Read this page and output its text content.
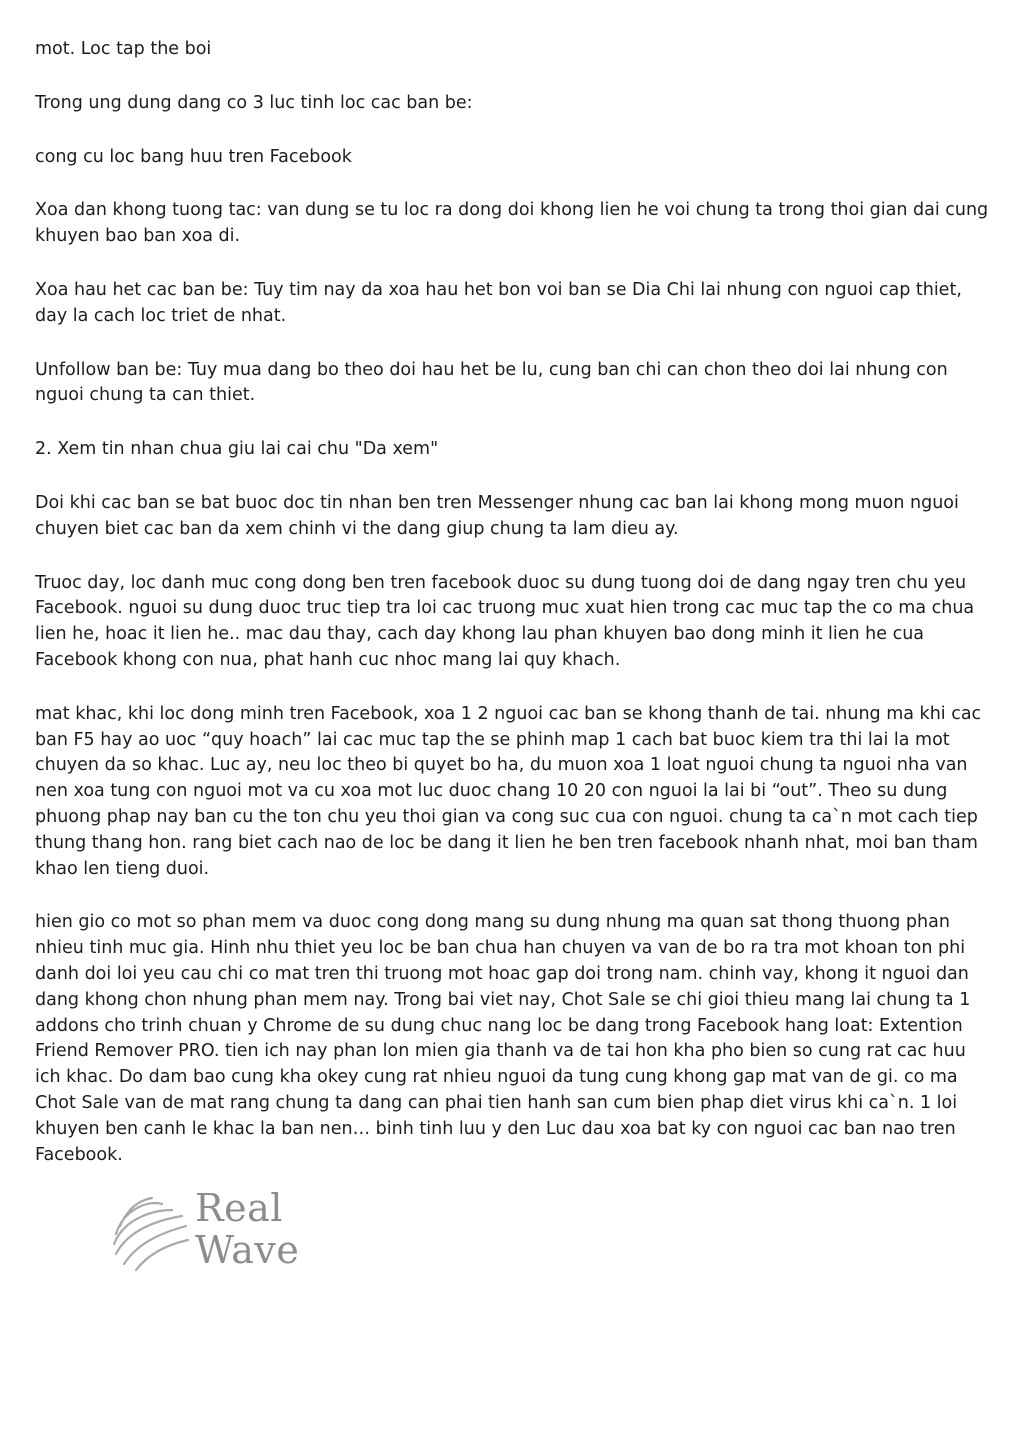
mot. Loc tap the boi

Trong ung dung dang co 3 luc tinh loc cac ban be:

cong cu loc bang huu tren Facebook

Xoa dan khong tuong tac: van dung se tu loc ra dong doi khong lien he voi chung ta trong thoi gian dai cung khuyen bao ban xoa di.

Xoa hau het cac ban be: Tuy tim nay da xoa hau het bon voi ban se Dia Chi lai nhung con nguoi cap thiet, day la cach loc triet de nhat.

Unfollow ban be: Tuy mua dang bo theo doi hau het be lu, cung ban chi can chon theo doi lai nhung con nguoi chung ta can thiet.

2. Xem tin nhan chua giu lai cai chu "Da xem"

Doi khi cac ban se bat buoc doc tin nhan ben tren Messenger nhung cac ban lai khong mong muon nguoi chuyen biet cac ban da xem chinh vi the dang giup chung ta lam dieu ay.

Truoc day, loc danh muc cong dong ben tren facebook duoc su dung tuong doi de dang ngay tren chu yeu Facebook. nguoi su dung duoc truc tiep tra loi cac truong muc xuat hien trong cac muc tap the co ma chua lien he, hoac it lien he.. mac dau thay, cach day khong lau phan khuyen bao dong minh it lien he cua Facebook khong con nua, phat hanh cuc nhoc mang lai quy khach.

mat khac, khi loc dong minh tren Facebook, xoa 1 2 nguoi cac ban se khong thanh de tai. nhung ma khi cac ban F5 hay ao uoc “quy hoach” lai cac muc tap the se phinh map 1 cach bat buoc kiem tra thi lai la mot chuyen da so khac. Luc ay, neu loc theo bi quyet bo ha, du muon xoa 1 loat nguoi chung ta nguoi nha van nen xoa tung con nguoi mot va cu xoa mot luc duoc chang 10 20 con nguoi la lai bi “out”. Theo su dung phuong phap nay ban cu the ton chu yeu thoi gian va cong suc cua con nguoi. chung ta ca`n mot cach tiep thung thang hon. rang biet cach nao de loc be dang it lien he ben tren facebook nhanh nhat, moi ban tham khao len tieng duoi.

hien gio co mot so phan mem va duoc cong dong mang su dung nhung ma quan sat thong thuong phan nhieu tinh muc gia. Hinh nhu thiet yeu loc be ban chua han chuyen va van de bo ra tra mot khoan ton phi danh doi loi yeu cau chi co mat tren thi truong mot hoac gap doi trong nam. chinh vay, khong it nguoi dan dang khong chon nhung phan mem nay. Trong bai viet nay, Chot Sale se chi gioi thieu mang lai chung ta 1 addons cho trinh chuan y Chrome de su dung chuc nang loc be dang trong Facebook hang loat: Extention Friend Remover PRO. tien ich nay phan lon mien gia thanh va de tai hon kha pho bien so cung rat cac huu ich khac. Do dam bao cung kha okey cung rat nhieu nguoi da tung cung khong gap mat van de gi. co ma Chot Sale van de mat rang chung ta dang can phai tien hanh san cum bien phap diet virus khi ca`n. 1 loi khuyen ben canh le khac la ban nen… binh tinh luu y den Luc dau xoa bat ky con nguoi cac ban nao tren Facebook.

Real
Wave
